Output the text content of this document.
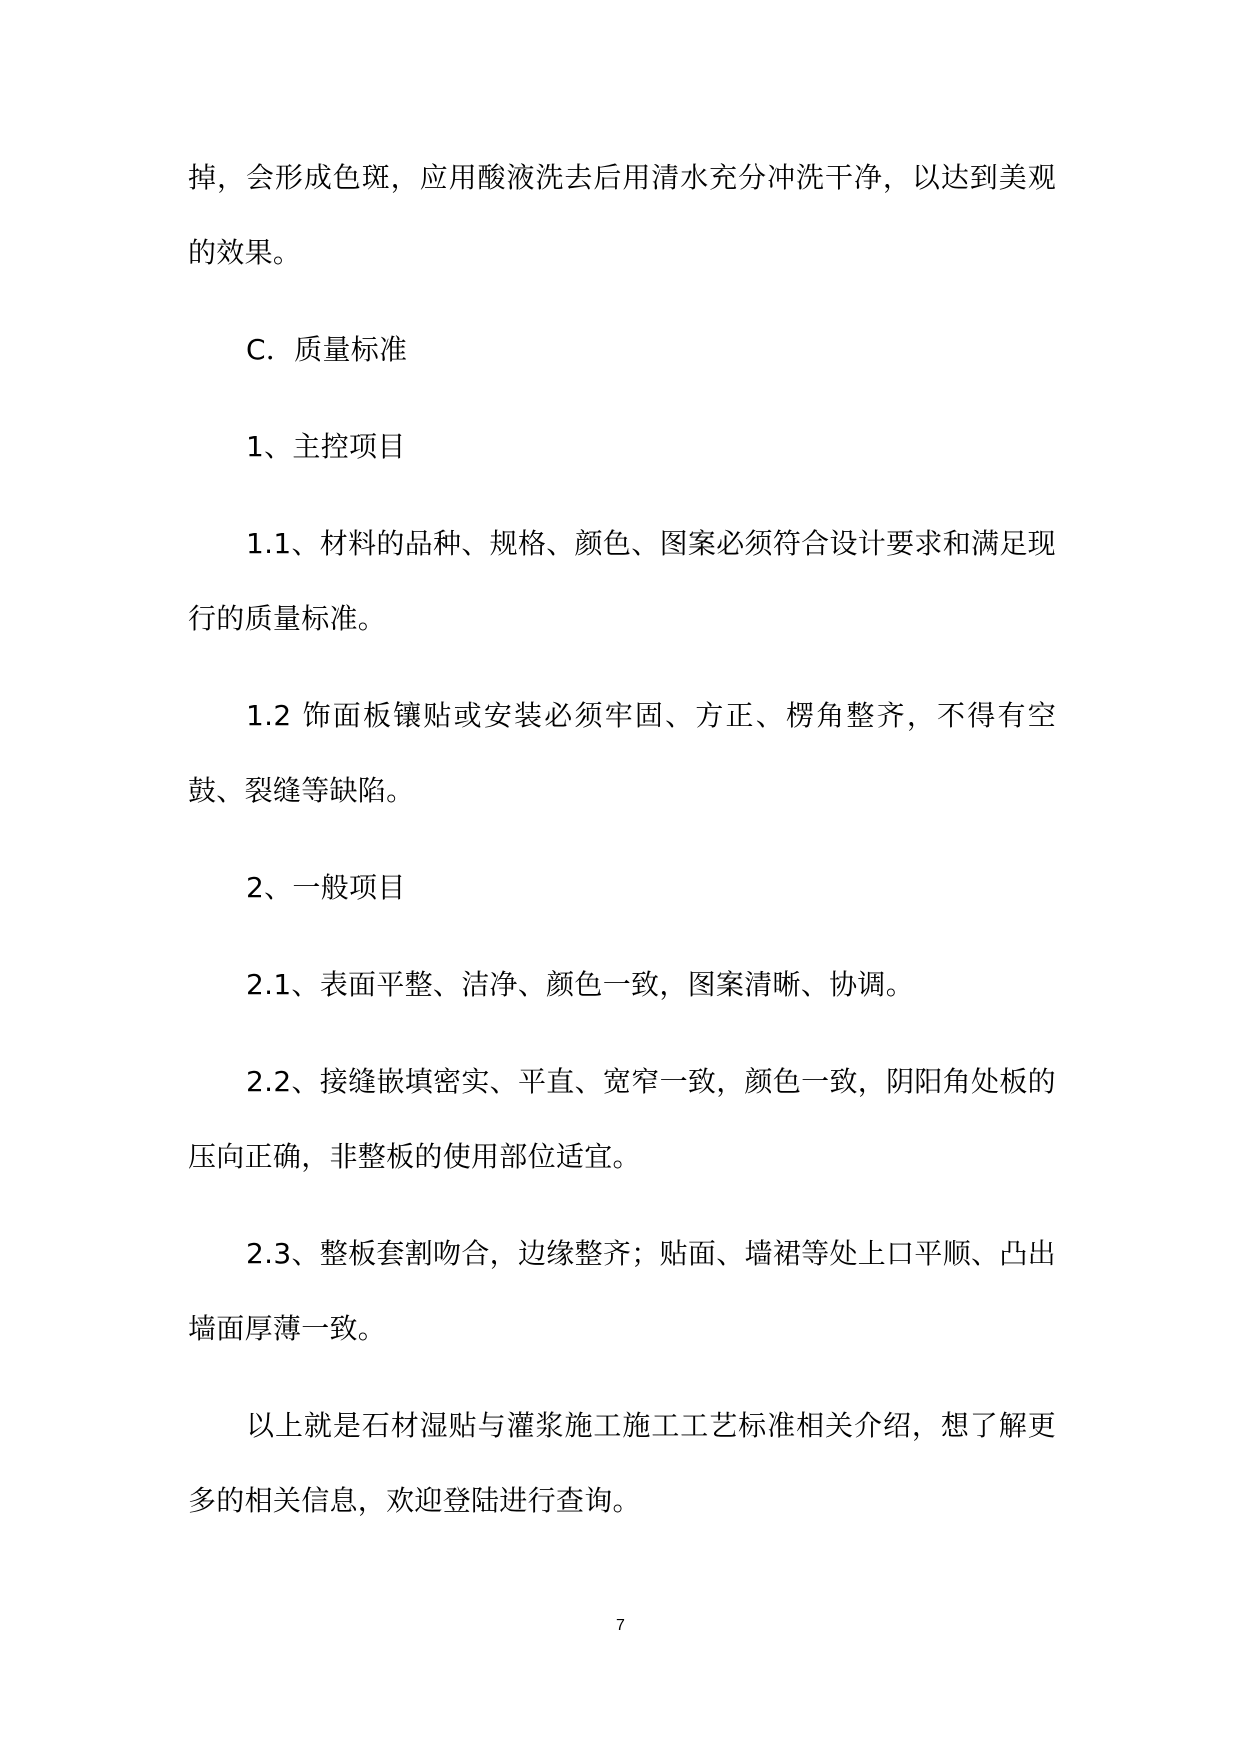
掉，会形成色斑，应用酸液洗去后用清水充分冲洗干净，以达到美观的效果。

C．质量标准

1、主控项目

1.1、材料的品种、规格、颜色、图案必须符合设计要求和满足现行的质量标准。

1.2 饰面板镶贴或安装必须牢固、方正、楞角整齐，不得有空鼓、裂缝等缺陷。

2、一般项目

2.1、表面平整、洁净、颜色一致，图案清晰、协调。

2.2、接缝嵌填密实、平直、宽窄一致，颜色一致，阴阳角处板的压向正确，非整板的使用部位适宜。

2.3、整板套割吻合，边缘整齐；贴面、墙裙等处上口平顺、凸出墙面厚薄一致。

以上就是石材湿贴与灌浆施工施工工艺标准相关介绍，想了解更多的相关信息，欢迎登陆进行查询。

7
